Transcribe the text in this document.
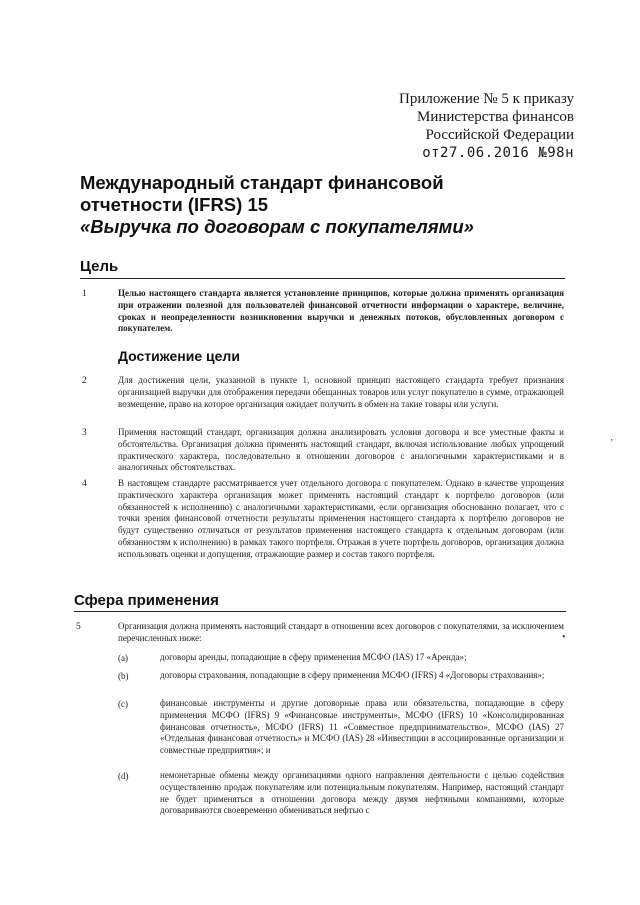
Приложение № 5 к приказу
Министерства финансов
Российской Федерации
от27.06.2016 №98н
Международный стандарт финансовой
отчетности (IFRS) 15
«Выручка по договорам с покупателями»
Цель
1	Целью настоящего стандарта является установление принципов, которые должна применять организация при отражении полезной для пользователей финансовой отчетности информации о характере, величине, сроках и неопределенности возникновения выручки и денежных потоков, обусловленных договором с покупателем.
Достижение цели
2	Для достижения цели, указанной в пункте 1, основной принцип настоящего стандарта требует признания организацией выручки для отображения передачи обещанных товаров или услуг покупателю в сумме, отражающей возмещение, право на которое организация ожидает получить в обмен на такие товары или услуги.
3	Применяя настоящий стандарт, организация должна анализировать условия договора и все уместные факты и обстоятельства. Организация должна применять настоящий стандарт, включая использование любых упрощений практического характера, последовательно в отношении договоров с аналогичными характеристиками и в аналогичных обстоятельствах.
4	В настоящем стандарте рассматривается учет отдельного договора с покупателем. Однако в качестве упрощения практического характера организация может применять настоящий стандарт к портфелю договоров (или обязанностей к исполнению) с аналогичными характеристиками, если организация обоснованно полагает, что с точки зрения финансовой отчетности результаты применения настоящего стандарта к портфелю договоров не будут существенно отличаться от результатов применения настоящего стандарта к отдельным договорам (или обязанностям к исполнению) в рамках такого портфеля. Отражая в учете портфель договоров, организация должна использовать оценки и допущения, отражающие размер и состав такого портфеля.
Сфера применения
5	Организация должна применять настоящий стандарт в отношении всех договоров с покупателями, за исключением перечисленных ниже:
(a)	договоры аренды, попадающие в сферу применения МСФО (IAS) 17 «Аренда»;
(b)	договоры страхования, попадающие в сферу применения МСФО (IFRS) 4 «Договоры страхования»;
(c)	финансовые инструменты и другие договорные права или обязательства, попадающие в сферу применения МСФО (IFRS) 9 «Финансовые инструменты», МСФО (IFRS) 10 «Консолидированная финансовая отчетность», МСФО (IFRS) 11 «Совместное предпринимательство», МСФО (IAS) 27 «Отдельная финансовая отчетность» и МСФО (IAS) 28 «Инвестиции в ассоциированные организации и совместные предприятия»; и
(d)	немонетарные обмены между организациями одного направления деятельности с целью содействия осуществлению продаж покупателям или потенциальным покупателям. Например, настоящий стандарт не будет применяться в отношении договора между двумя нефтяными компаниями, которые договариваются своевременно обмениваться нефтью с
’
•
